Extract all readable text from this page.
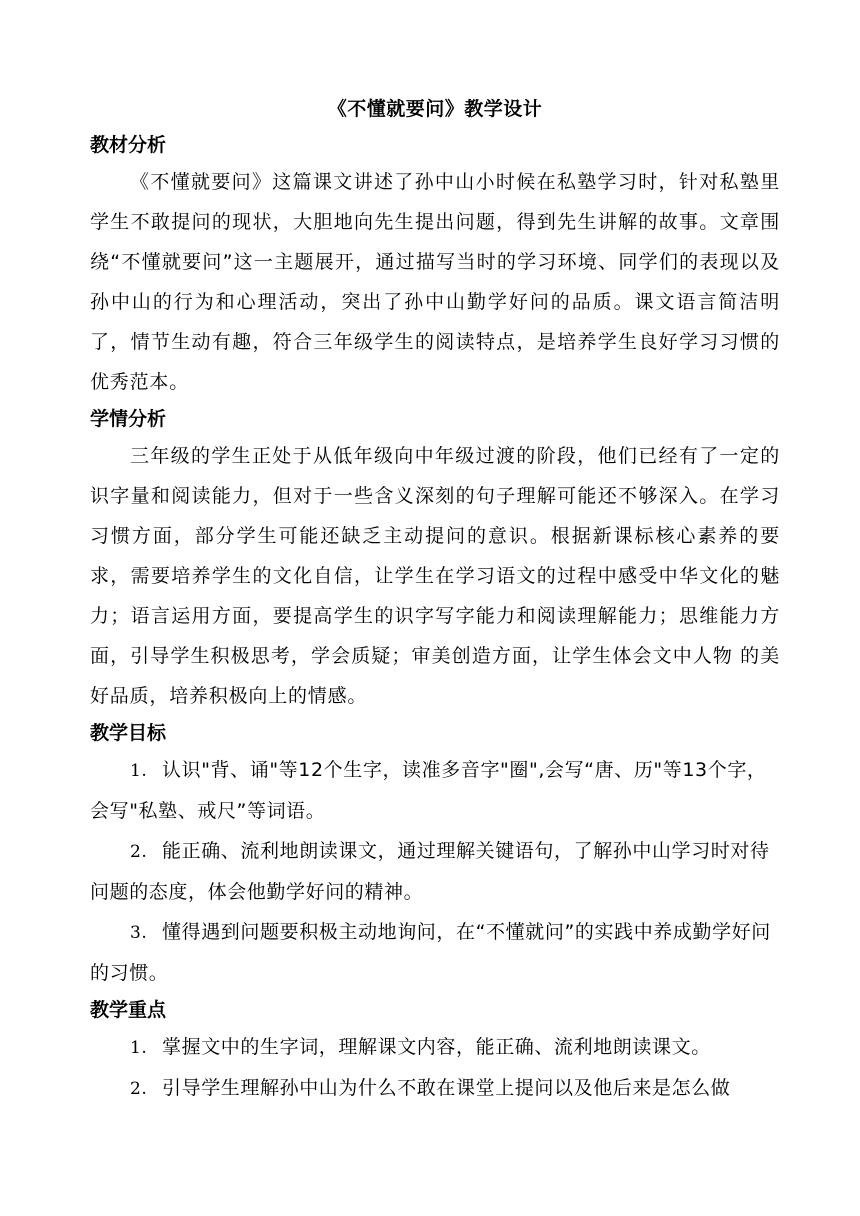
《不懂就要问》教学设计
教材分析

《不懂就要问》这篇课文讲述了孙中山小时候在私塾学习时，针对私塾里学生不敢提问的现状，大胆地向先生提出问题，得到先生讲解的故事。文章围绕“不懂就要问”这一主题展开，通过描写当时的学习环境、同学们的表现以及孙中山的行为和心理活动，突出了孙中山勤学好问的品质。课文语言简洁明了，情节生动有趣，符合三年级学生的阅读特点，是培养学生良好学习习惯的优秀范本。

学情分析

三年级的学生正处于从低年级向中年级过渡的阶段，他们已经有了一定的识字量和阅读能力，但对于一些含义深刻的句子理解可能还不够深入。在学习习惯方面，部分学生可能还缺乏主动提问的意识。根据新课标核心素养的要求，需要培养学生的文化自信，让学生在学习语文的过程中感受中华文化的魅力；语言运用方面，要提高学生的识字写字能力和阅读理解能力；思维能力方面，引导学生积极思考，学会质疑；审美创造方面，让学生体会文中人物 的美好品质，培养积极向上的情感。

教学目标

1. 认识"背、诵"等12个生字，读准多音字"圈",会写“唐、历"等13个字，会写"私塾、戒尺”等词语。

2. 能正确、流利地朗读课文，通过理解关键语句，了解孙中山学习时对待问题的态度，体会他勤学好问的精神。

3. 懂得遇到问题要积极主动地询问，在“不懂就问”的实践中养成勤学好问的习惯。

教学重点

1. 掌握文中的生字词，理解课文内容，能正确、流利地朗读课文。

2. 引导学生理解孙中山为什么不敢在课堂上提问以及他后来是怎么做
